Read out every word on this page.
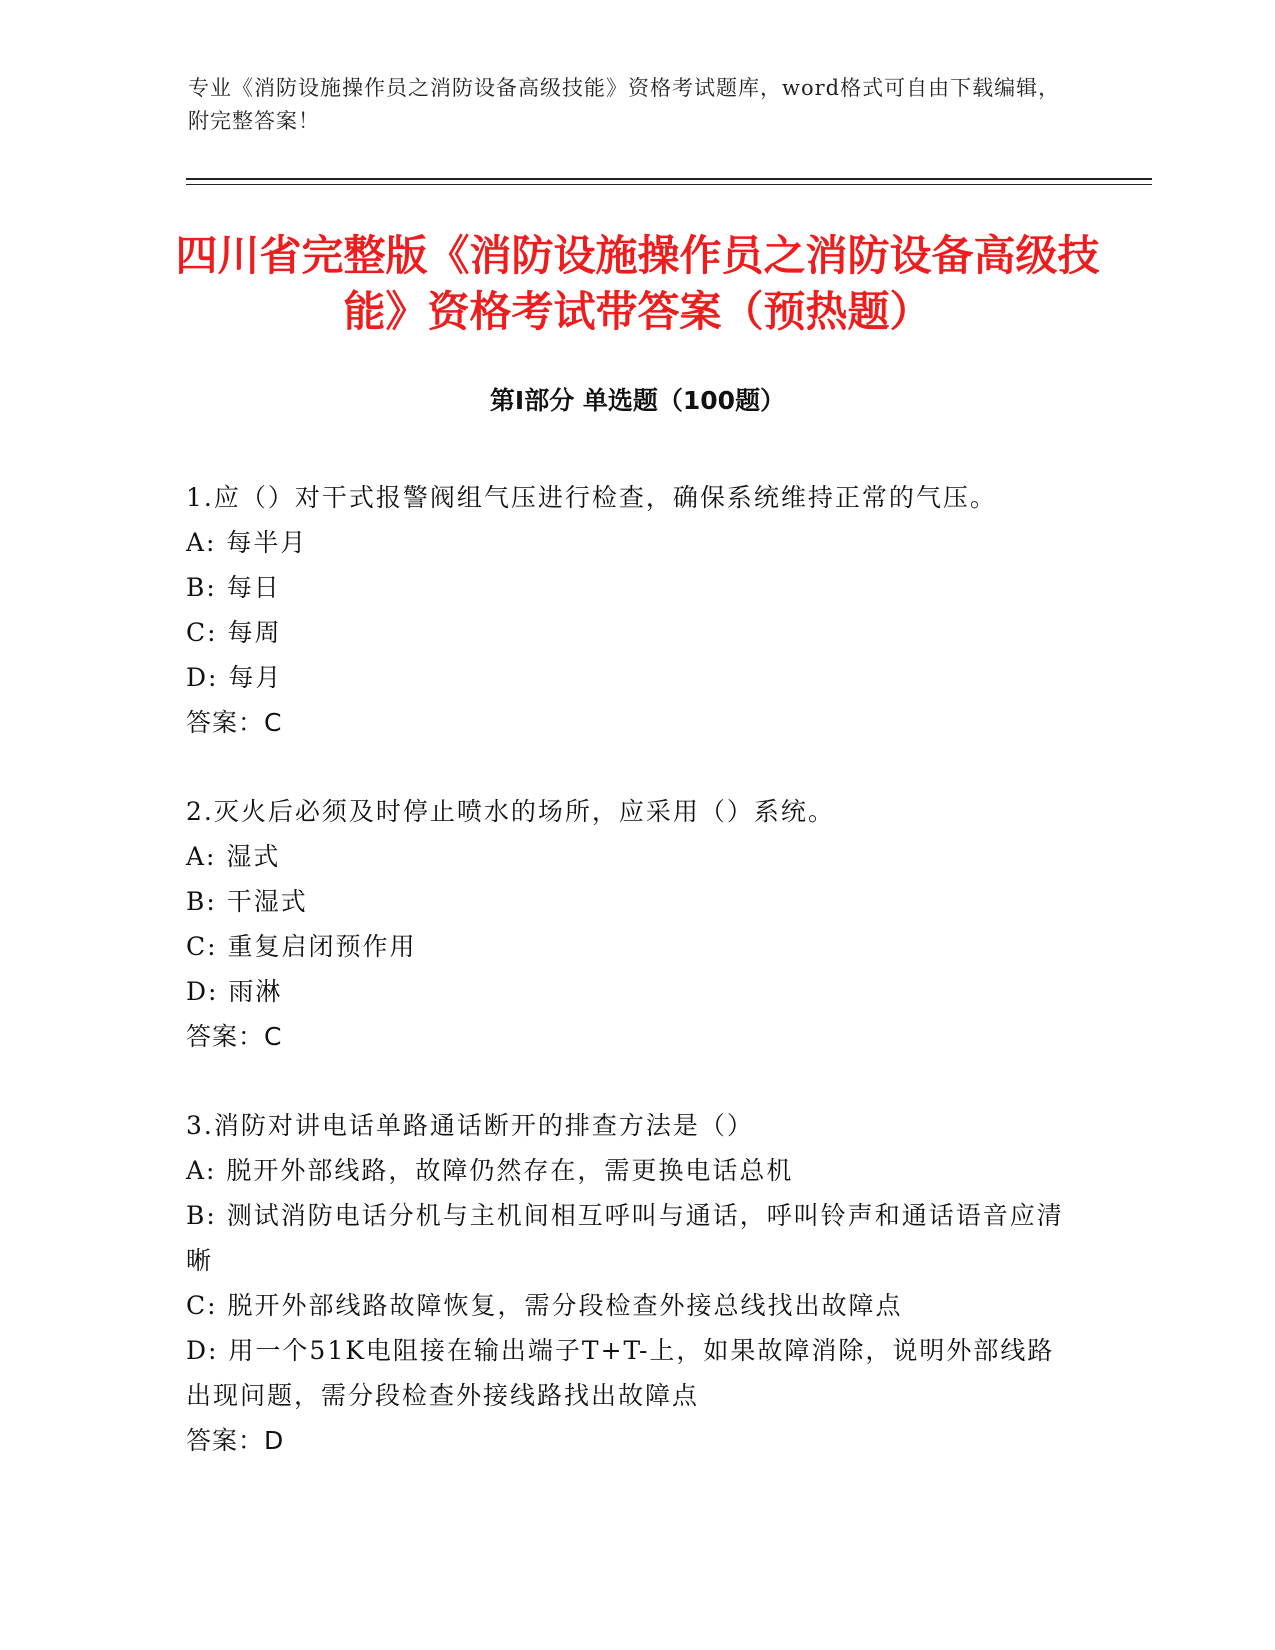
专业《消防设施操作员之消防设备高级技能》资格考试题库，word格式可自由下载编辑，附完整答案！
四川省完整版《消防设施操作员之消防设备高级技能》资格考试带答案（预热题）
第Ⅰ部分 单选题（100题）

1.应（）对干式报警阀组气压进行检查，确保系统维持正常的气压。

A: 每半月

B: 每日

C: 每周

D: 每月

答案：C

2.灭火后必须及时停止喷水的场所，应采用（）系统。

A: 湿式

B: 干湿式

C: 重复启闭预作用

D: 雨淋

答案：C

3.消防对讲电话单路通话断开的排查方法是（）

A: 脱开外部线路，故障仍然存在，需更换电话总机

B: 测试消防电话分机与主机间相互呼叫与通话，呼叫铃声和通话语音应清晰

C: 脱开外部线路故障恢复，需分段检查外接总线找出故障点

D: 用一个51K电阻接在输出端子T+T-上，如果故障消除，说明外部线路出现问题，需分段检查外接线路找出故障点

答案：D
